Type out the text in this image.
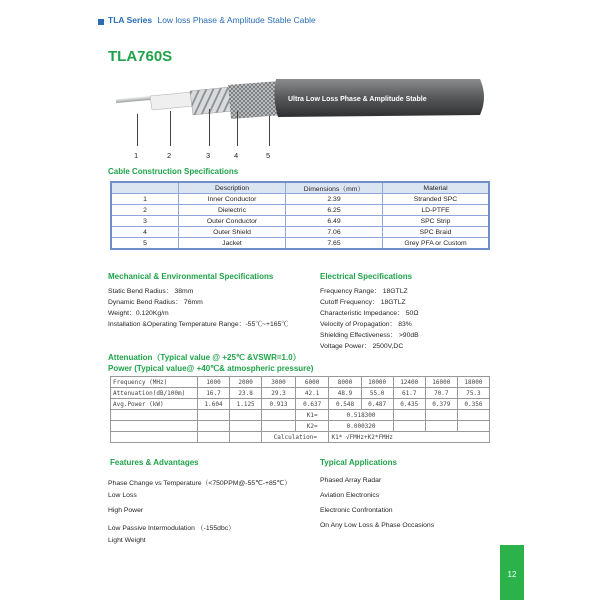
TLA Series Low loss Phase & Amplitude Stable Cable
TLA760S
Ultra Low Loss Phase & Amplitude Stable
1	2	3	4	5
Cable Construction Specifications
	Description	Dimensions（mm）	Material
1	Inner Conductor	2.39	Stranded SPC
2	Dielectric	6.25	LD-PTFE
3	Outer Conductor	6.49	SPC Strip
4	Outer Shield	7.06	SPC Braid
5	Jacket	7.65	Grey PFA or Custom
Mechanical & Environmental Specifications
Static Bend Radius： 38mm
Dynamic Bend Radius： 76mm
Weight：0.120Kg/m
Installation &Operating Temperature Range：-55℃~+165℃
Electrical Specifications
Frequency Range： 18GTLZ
Cutoff Frequency： 18GTLZ
Characteristic Impedance： 50Ω
Velocity of Propagation： 83%
Shielding Effectiveness： >90dB
Voltage Power： 2500V,DC
Attenuation（Typical value @ +25℃ &VSWR=1.0）
Power (Typical value@ +40℃& atmospheric pressure)
Frequency (MHz)	1000	2000	3000	6000	8000	10000	12400	16000	18000
Attenuation(dB/100m)	16.7	23.8	29.3	42.1	48.9	55.0	61.7	70.7	75.3
Avg.Power (kW)	1.604	1.125	0.913	0.637	0.548	0.487	0.435	0.379	0.356
				K1=	0.518300				
				K2=	0.000320				
			Calculation=		K1* √FMHz+K2*FMHz				
Features & Advantages
Phase Change vs Temperature（<750PPM@-55℃-+85℃）
Low Loss
High Power
Low Passive Intermodulation （-155dbc）
Light Weight
Typical Applications
Phased Array Radar
Aviation Electronics
Electronic Confrontation
On Any Low Loss & Phase Occasions
12
